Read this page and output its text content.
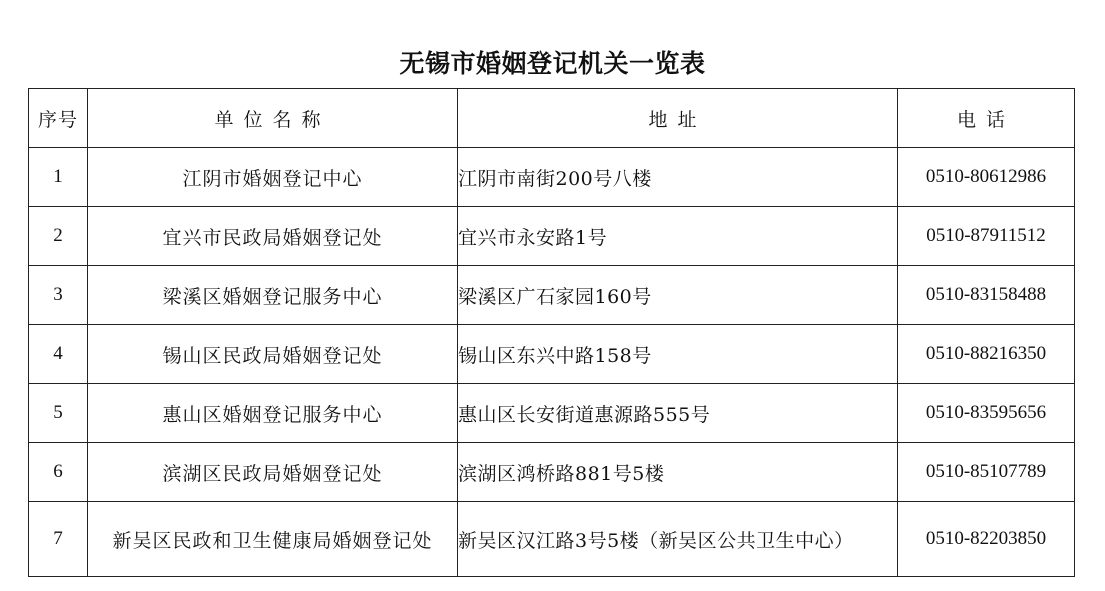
无锡市婚姻登记机关一览表
序号	单位名称	地址	电话
1	江阴市婚姻登记中心	江阴市南街200号八楼	0510-80612986
2	宜兴市民政局婚姻登记处	宜兴市永安路1号	0510-87911512
3	梁溪区婚姻登记服务中心	梁溪区广石家园160号	0510-83158488
4	锡山区民政局婚姻登记处	锡山区东兴中路158号	0510-88216350
5	惠山区婚姻登记服务中心	惠山区长安街道惠源路555号	0510-83595656
6	滨湖区民政局婚姻登记处	滨湖区鸿桥路881号5楼	0510-85107789
7	新吴区民政和卫生健康局婚姻登记处	新吴区汉江路3号5楼（新吴区公共卫生中心）	0510-82203850
